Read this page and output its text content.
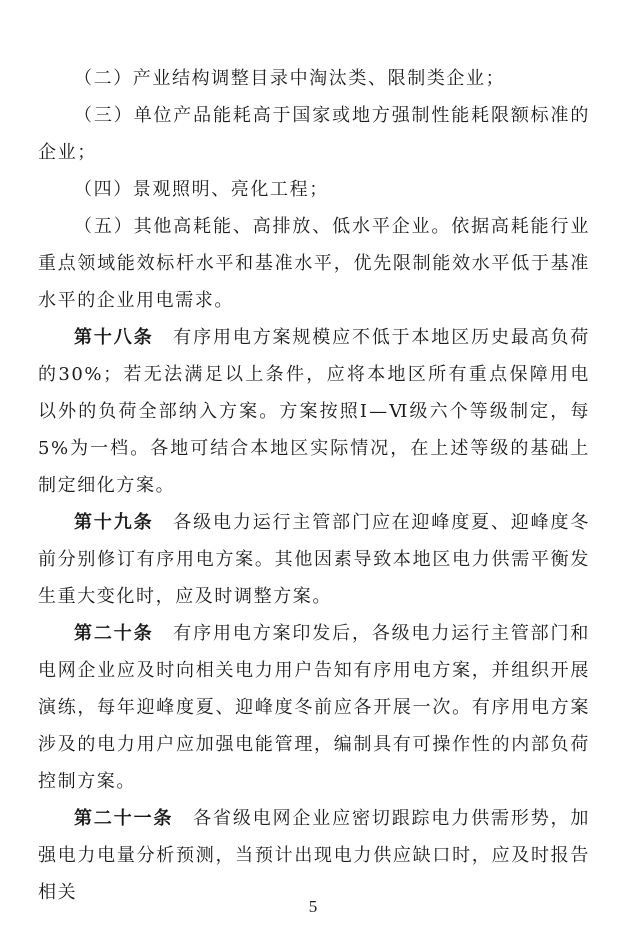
（二）产业结构调整目录中淘汰类、限制类企业；

（三）单位产品能耗高于国家或地方强制性能耗限额标准的企业；

（四）景观照明、亮化工程；

（五）其他高耗能、高排放、低水平企业。依据高耗能行业重点领域能效标杆水平和基准水平，优先限制能效水平低于基准水平的企业用电需求。

第十八条　 有序用电方案规模应不低于本地区历史最高负荷的30%；若无法满足以上条件，应将本地区所有重点保障用电以外的负荷全部纳入方案。方案按照Ⅰ—Ⅵ级六个等级制定，每5%为一档。各地可结合本地区实际情况，在上述等级的基础上制定细化方案。

第十九条　 各级电力运行主管部门应在迎峰度夏、迎峰度冬前分别修订有序用电方案。其他因素导致本地区电力供需平衡发生重大变化时，应及时调整方案。

第二十条　 有序用电方案印发后，各级电力运行主管部门和电网企业应及时向相关电力用户告知有序用电方案，并组织开展演练，每年迎峰度夏、迎峰度冬前应各开展一次。有序用电方案涉及的电力用户应加强电能管理，编制具有可操作性的内部负荷控制方案。

第二十一条　 各省级电网企业应密切跟踪电力供需形势，加强电力电量分析预测，当预计出现电力供应缺口时，应及时报告相关

5
